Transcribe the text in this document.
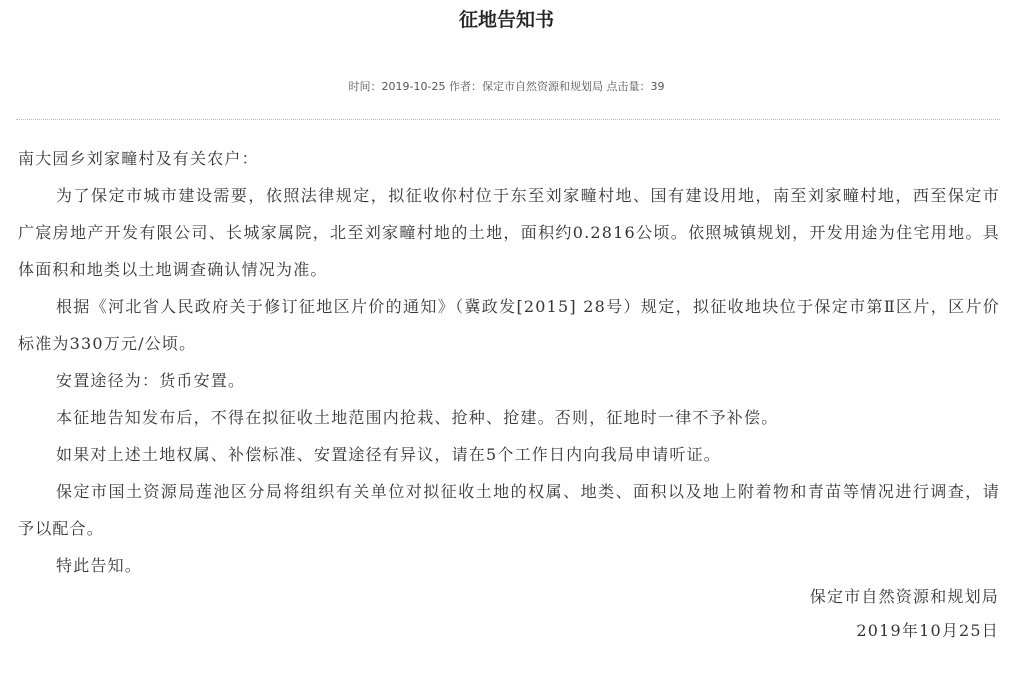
征地告知书
时间：2019-10-25 作者：保定市自然资源和规划局 点击量：39

南大园乡刘家疃村及有关农户：

为了保定市城市建设需要，依照法律规定，拟征收你村位于东至刘家疃村地、国有建设用地，南至刘家疃村地，西至保定市广宸房地产开发有限公司、长城家属院，北至刘家疃村地的土地，面积约0.2816公顷。依照城镇规划，开发用途为住宅用地。具体面积和地类以土地调查确认情况为准。

根据《河北省人民政府关于修订征地区片价的通知》（冀政发[2015] 28号）规定，拟征收地块位于保定市第Ⅱ区片，区片价标准为330万元/公顷。

安置途径为：货币安置。

本征地告知发布后，不得在拟征收土地范围内抢栽、抢种、抢建。否则，征地时一律不予补偿。

如果对上述土地权属、补偿标准、安置途径有异议，请在5个工作日内向我局申请听证。

保定市国土资源局莲池区分局将组织有关单位对拟征收土地的权属、地类、面积以及地上附着物和青苗等情况进行调查，请予以配合。

特此告知。

保定市自然资源和规划局
2019年10月25日
